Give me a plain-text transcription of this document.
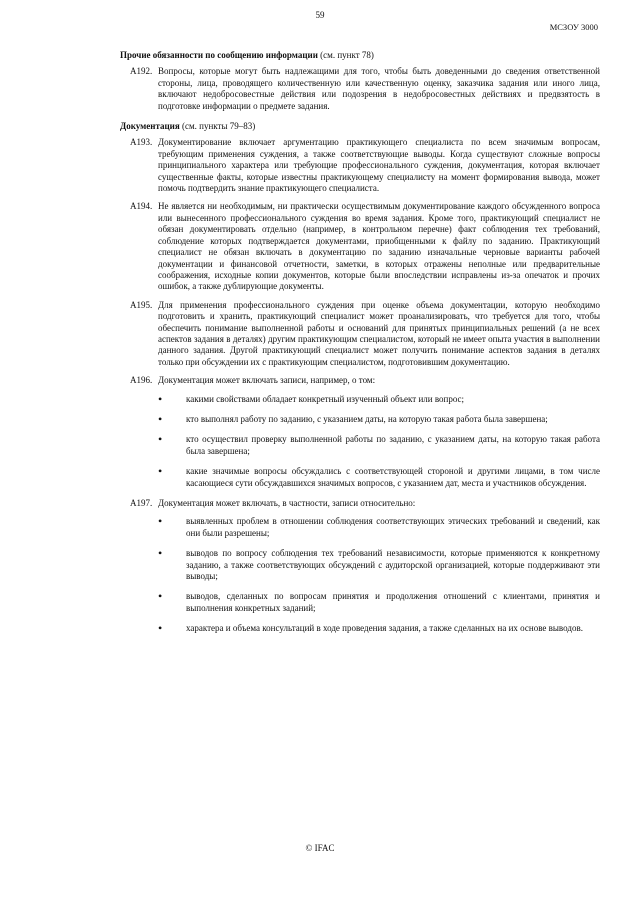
59
МСЗОУ 3000
Прочие обязанности по сообщению информации (см. пункт 78)
A192. Вопросы, которые могут быть надлежащими для того, чтобы быть доведенными до сведения ответственной стороны, лица, проводящего количественную или качественную оценку, заказчика задания или иного лица, включают недобросовестные действия или подозрения в недобросовестных действиях и предвзятость в подготовке информации о предмете задания.
Документация (см. пункты 79–83)
A193. Документирование включает аргументацию практикующего специалиста по всем значимым вопросам, требующим применения суждения, а также соответствующие выводы. Когда существуют сложные вопросы принципиального характера или требующие профессионального суждения, документация, которая включает существенные факты, которые известны практикующему специалисту на момент формирования вывода, может помочь подтвердить знание практикующего специалиста.
A194. Не является ни необходимым, ни практически осуществимым документирование каждого обсужденного вопроса или вынесенного профессионального суждения во время задания. Кроме того, практикующий специалист не обязан документировать отдельно (например, в контрольном перечне) факт соблюдения тех требований, соблюдение которых подтверждается документами, приобщенными к файлу по заданию. Практикующий специалист не обязан включать в документацию по заданию изначальные черновые варианты рабочей документации и финансовой отчетности, заметки, в которых отражены неполные или предварительные соображения, исходные копии документов, которые были впоследствии исправлены из-за опечаток и прочих ошибок, а также дублирующие документы.
A195. Для применения профессионального суждения при оценке объема документации, которую необходимо подготовить и хранить, практикующий специалист может проанализировать, что требуется для того, чтобы обеспечить понимание выполненной работы и оснований для принятых принципиальных решений (а не всех аспектов задания в деталях) другим практикующим специалистом, который не имеет опыта участия в выполнении данного задания. Другой практикующий специалист может получить понимание аспектов задания в деталях только при обсуждении их с практикующим специалистом, подготовившим документацию.
A196. Документация может включать записи, например, о том:
•	какими свойствами обладает конкретный изученный объект или вопрос;
•	кто выполнял работу по заданию, с указанием даты, на которую такая работа была завершена;
•	кто осуществил проверку выполненной работы по заданию, с указанием даты, на которую такая работа была завершена;
•	какие значимые вопросы обсуждались с соответствующей стороной и другими лицами, в том числе касающиеся сути обсуждавшихся значимых вопросов, с указанием дат, места и участников обсуждения.
A197. Документация может включать, в частности, записи относительно:
•	выявленных проблем в отношении соблюдения соответствующих этических требований и сведений, как они были разрешены;
•	выводов по вопросу соблюдения тех требований независимости, которые применяются к конкретному заданию, а также соответствующих обсуждений с аудиторской организацией, которые поддерживают эти выводы;
•	выводов, сделанных по вопросам принятия и продолжения отношений с клиентами, принятия и выполнения конкретных заданий;
•	характера и объема консультаций в ходе проведения задания, а также сделанных на их основе выводов.
© IFAC
